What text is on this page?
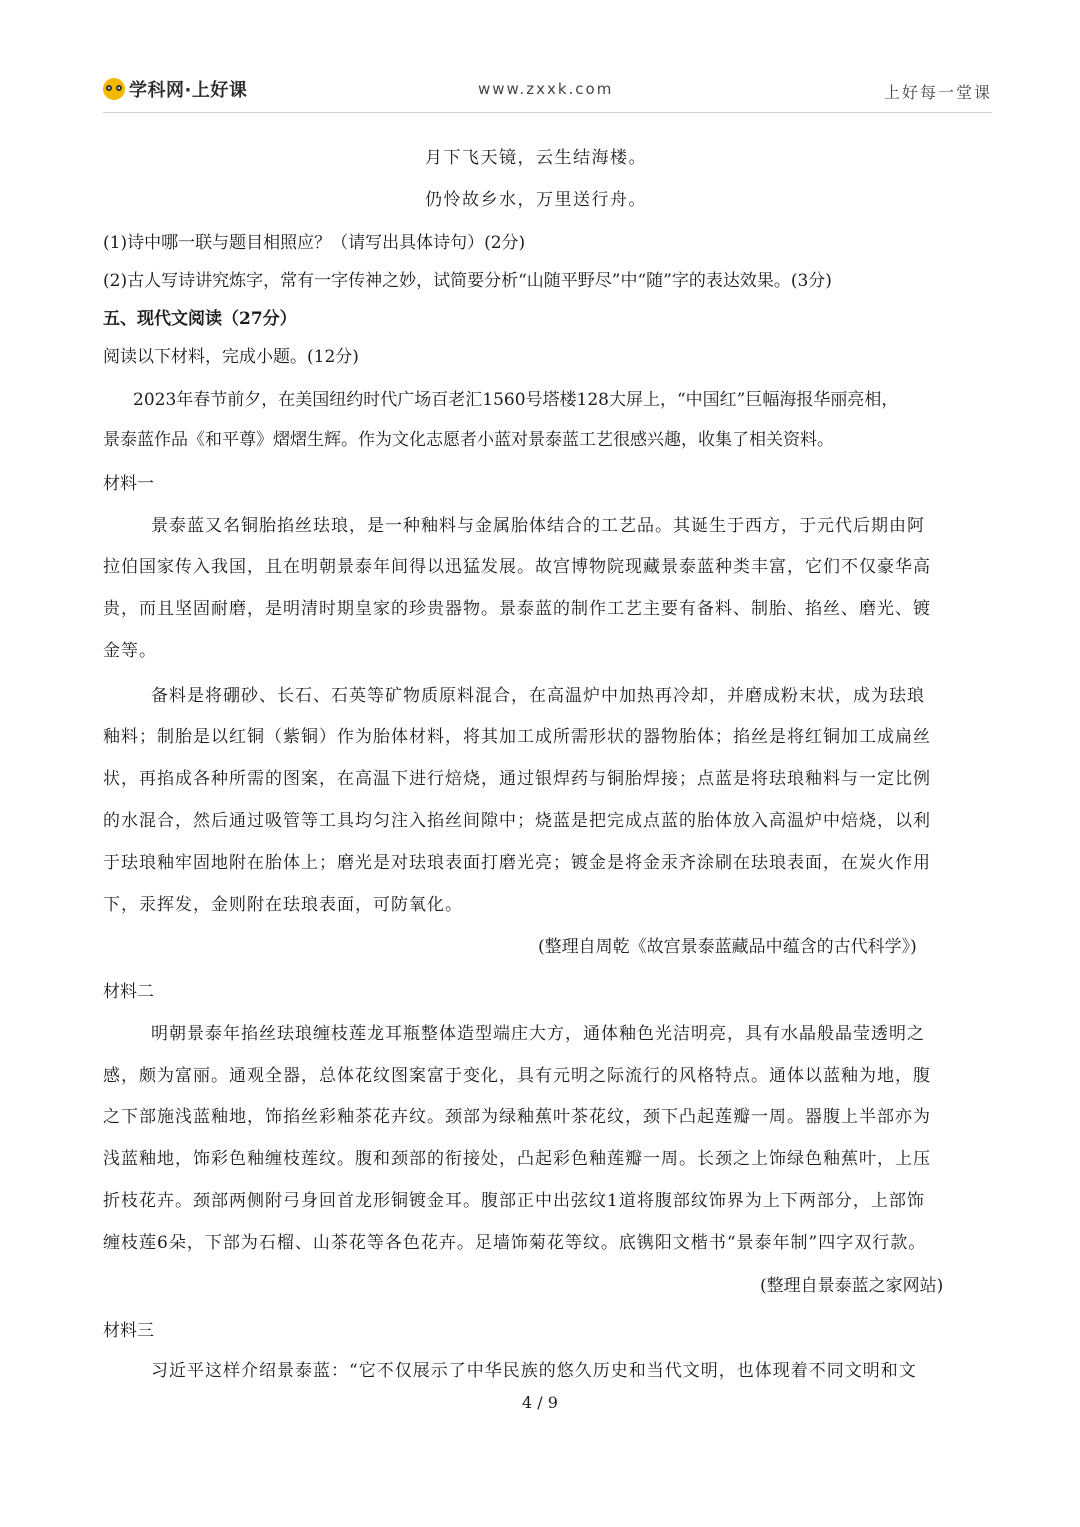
学科网·上好课	www.zxxk.com	上好每一堂课
月下飞天镜，云生结海楼。
仍怜故乡水，万里送行舟。
(1)诗中哪一联与题目相照应？（请写出具体诗句）(2分)
(2)古人写诗讲究炼字，常有一字传神之妙，试简要分析“山随平野尽”中“随”字的表达效果。(3分)
五、现代文阅读（27分）
阅读以下材料，完成小题。(12分)
2023年春节前夕，在美国纽约时代广场百老汇1560号塔楼128大屏上，“中国红”巨幅海报华丽亮相，
景泰蓝作品《和平尊》熠熠生辉。作为文化志愿者小蓝对景泰蓝工艺很感兴趣，收集了相关资料。
材料一
景泰蓝又名铜胎掐丝珐琅，是一种釉料与金属胎体结合的工艺品。其诞生于西方，于元代后期由阿
拉伯国家传入我国，且在明朝景泰年间得以迅猛发展。故宫博物院现藏景泰蓝种类丰富，它们不仅豪华高
贵，而且坚固耐磨，是明清时期皇家的珍贵器物。景泰蓝的制作工艺主要有备料、制胎、掐丝、磨光、镀
金等。
备料是将硼砂、长石、石英等矿物质原料混合，在高温炉中加热再冷却，并磨成粉末状，成为珐琅
釉料；制胎是以红铜（紫铜）作为胎体材料，将其加工成所需形状的器物胎体；掐丝是将红铜加工成扁丝
状，再掐成各种所需的图案，在高温下进行焙烧，通过银焊药与铜胎焊接；点蓝是将珐琅釉料与一定比例
的水混合，然后通过吸管等工具均匀注入掐丝间隙中；烧蓝是把完成点蓝的胎体放入高温炉中焙烧，以利
于珐琅釉牢固地附在胎体上；磨光是对珐琅表面打磨光亮；镀金是将金汞齐涂刷在珐琅表面，在炭火作用
下，汞挥发，金则附在珐琅表面，可防氧化。
(整理自周乾《故宫景泰蓝藏品中蕴含的古代科学》)
材料二
明朝景泰年掐丝珐琅缠枝莲龙耳瓶整体造型端庄大方，通体釉色光洁明亮，具有水晶般晶莹透明之
感，颇为富丽。通观全器，总体花纹图案富于变化，具有元明之际流行的风格特点。通体以蓝釉为地，腹
之下部施浅蓝釉地，饰掐丝彩釉茶花卉纹。颈部为绿釉蕉叶茶花纹，颈下凸起莲瓣一周。器腹上半部亦为
浅蓝釉地，饰彩色釉缠枝莲纹。腹和颈部的衔接处，凸起彩色釉莲瓣一周。长颈之上饰绿色釉蕉叶，上压
折枝花卉。颈部两侧附弓身回首龙形铜镀金耳。腹部正中出弦纹1道将腹部纹饰界为上下两部分，上部饰
缠枝莲6朵，下部为石榴、山茶花等各色花卉。足墙饰菊花等纹。底镌阳文楷书“景泰年制”四字双行款。
(整理自景泰蓝之家网站)
材料三
习近平这样介绍景泰蓝：“它不仅展示了中华民族的悠久历史和当代文明，也体现着不同文明和文
4 / 9
